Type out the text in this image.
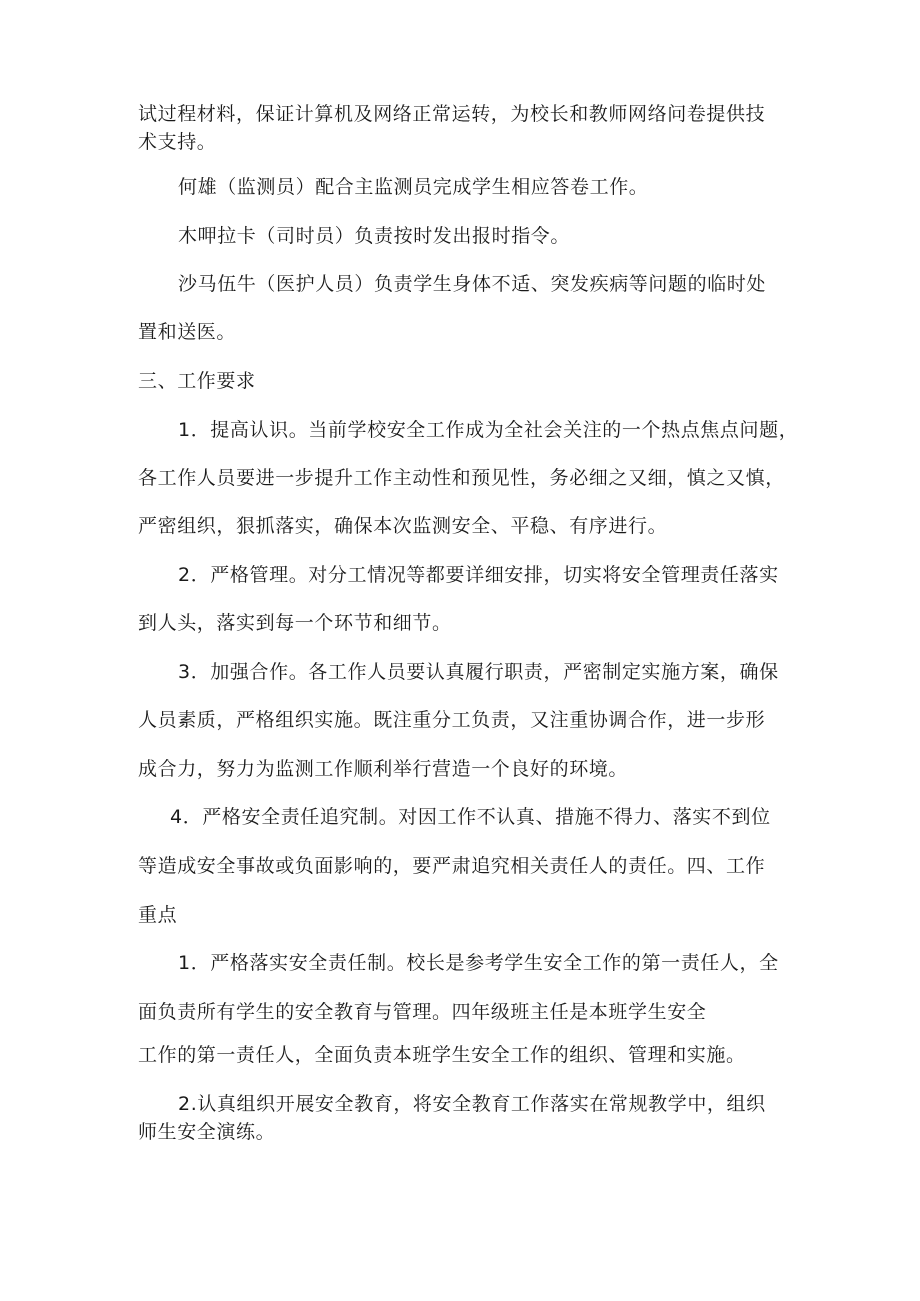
试过程材料，保证计算机及网络正常运转，为校长和教师网络问卷提供技
术支持。
何雄（监测员）配合主监测员完成学生相应答卷工作。
木呷拉卡（司时员）负责按时发出报时指令。
沙马伍牛（医护人员）负责学生身体不适、突发疾病等问题的临时处
置和送医。
三、工作要求
1．提高认识。当前学校安全工作成为全社会关注的一个热点焦点问题，
各工作人员要进一步提升工作主动性和预见性，务必细之又细，慎之又慎，
严密组织，狠抓落实，确保本次监测安全、平稳、有序进行。
2．严格管理。对分工情况等都要详细安排，切实将安全管理责任落实
到人头，落实到每一个环节和细节。
3．加强合作。各工作人员要认真履行职责，严密制定实施方案，确保
人员素质，严格组织实施。既注重分工负责，又注重协调合作，进一步形
成合力，努力为监测工作顺利举行营造一个良好的环境。
4．严格安全责任追究制。对因工作不认真、措施不得力、落实不到位
等造成安全事故或负面影响的，要严肃追究相关责任人的责任。四、工作
重点
1．严格落实安全责任制。校长是参考学生安全工作的第一责任人，全
面负责所有学生的安全教育与管理。四年级班主任是本班学生安全
工作的第一责任人，全面负责本班学生安全工作的组织、管理和实施。
2.认真组织开展安全教育，将安全教育工作落实在常规教学中，组织
师生安全演练。
